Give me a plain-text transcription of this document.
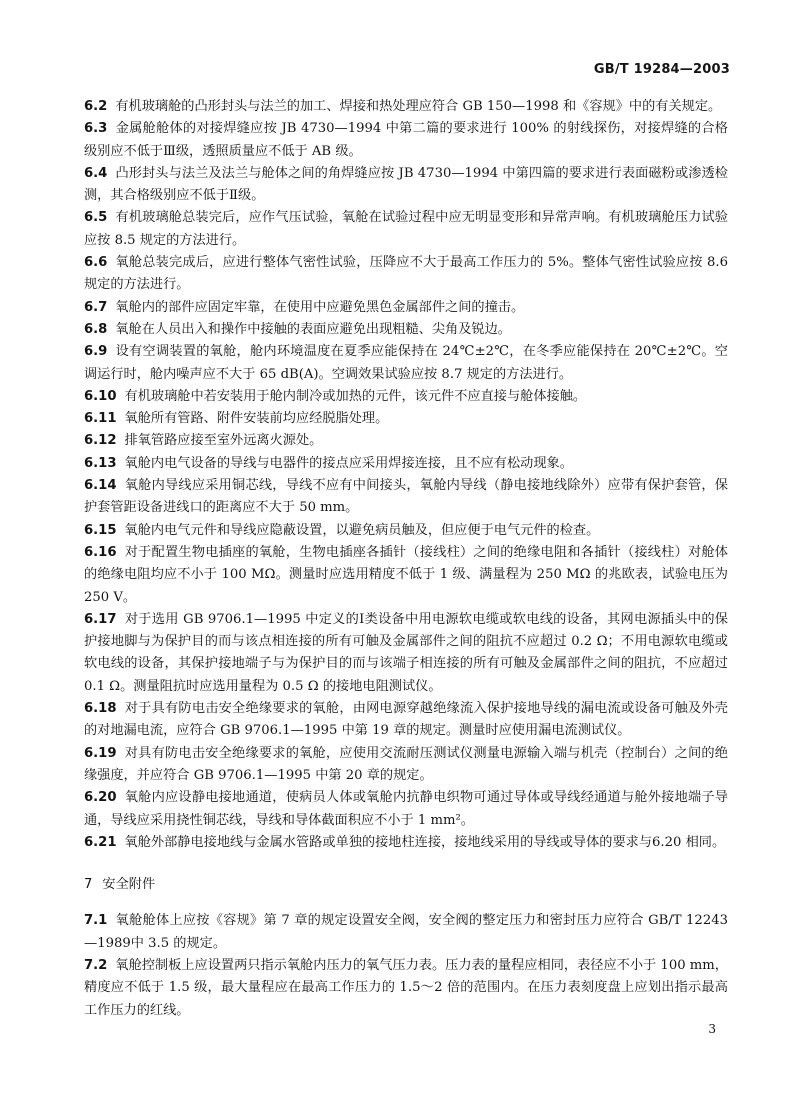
GB/T 19284—2003

6.2 有机玻璃舱的凸形封头与法兰的加工、焊接和热处理应符合 GB 150—1998 和《容规》中的有关规定。

6.3 金属舱舱体的对接焊缝应按 JB 4730—1994 中第二篇的要求进行 100% 的射线探伤，对接焊缝的合格级别应不低于Ⅲ级，透照质量应不低于 AB 级。

6.4 凸形封头与法兰及法兰与舱体之间的角焊缝应按 JB 4730—1994 中第四篇的要求进行表面磁粉或渗透检测，其合格级别应不低于Ⅱ级。

6.5 有机玻璃舱总装完后，应作气压试验，氧舱在试验过程中应无明显变形和异常声响。有机玻璃舱压力试验应按 8.5 规定的方法进行。

6.6 氧舱总装完成后，应进行整体气密性试验，压降应不大于最高工作压力的 5%。整体气密性试验应按 8.6 规定的方法进行。

6.7 氧舱内的部件应固定牢靠，在使用中应避免黑色金属部件之间的撞击。

6.8 氧舱在人员出入和操作中接触的表面应避免出现粗糙、尖角及锐边。

6.9 设有空调装置的氧舱，舱内环境温度在夏季应能保持在 24℃±2℃，在冬季应能保持在 20℃±2℃。空调运行时，舱内噪声应不大于 65 dB(A)。空调效果试验应按 8.7 规定的方法进行。

6.10 有机玻璃舱中若安装用于舱内制冷或加热的元件，该元件不应直接与舱体接触。

6.11 氧舱所有管路、附件安装前均应经脱脂处理。

6.12 排氧管路应接至室外远离火源处。

6.13 氧舱内电气设备的导线与电器件的接点应采用焊接连接，且不应有松动现象。

6.14 氧舱内导线应采用铜芯线，导线不应有中间接头，氧舱内导线（静电接地线除外）应带有保护套管，保护套管距设备进线口的距离应不大于 50 mm。

6.15 氧舱内电气元件和导线应隐蔽设置，以避免病员触及，但应便于电气元件的检查。

6.16 对于配置生物电插座的氧舱，生物电插座各插针（接线柱）之间的绝缘电阻和各插针（接线柱）对舱体的绝缘电阻均应不小于 100 MΩ。测量时应选用精度不低于 1 级、满量程为 250 MΩ 的兆欧表，试验电压为 250 V。

6.17 对于选用 GB 9706.1—1995 中定义的Ⅰ类设备中用电源软电缆或软电线的设备，其网电源插头中的保护接地脚与为保护目的而与该点相连接的所有可触及金属部件之间的阻抗不应超过 0.2 Ω；不用电源软电缆或软电线的设备，其保护接地端子与为保护目的而与该端子相连接的所有可触及金属部件之间的阻抗，不应超过 0.1 Ω。测量阻抗时应选用量程为 0.5 Ω 的接地电阻测试仪。

6.18 对于具有防电击安全绝缘要求的氧舱，由网电源穿越绝缘流入保护接地导线的漏电流或设备可触及外壳的对地漏电流，应符合 GB 9706.1—1995 中第 19 章的规定。测量时应使用漏电流测试仪。

6.19 对具有防电击安全绝缘要求的氧舱，应使用交流耐压测试仪测量电源输入端与机壳（控制台）之间的绝缘强度，并应符合 GB 9706.1—1995 中第 20 章的规定。

6.20 氧舱内应设静电接地通道，使病员人体或氧舱内抗静电织物可通过导体或导线经通道与舱外接地端子导通，导线应采用挠性铜芯线，导线和导体截面积应不小于 1 mm²。

6.21 氧舱外部静电接地线与金属水管路或单独的接地柱连接，接地线采用的导线或导体的要求与6.20 相同。

7 安全附件

7.1 氧舱舱体上应按《容规》第 7 章的规定设置安全阀，安全阀的整定压力和密封压力应符合 GB/T 12243—1989中 3.5 的规定。

7.2 氧舱控制板上应设置两只指示氧舱内压力的氧气压力表。压力表的量程应相同，表径应不小于 100 mm，精度应不低于 1.5 级，最大量程应在最高工作压力的 1.5～2 倍的范围内。在压力表刻度盘上应划出指示最高工作压力的红线。

3
